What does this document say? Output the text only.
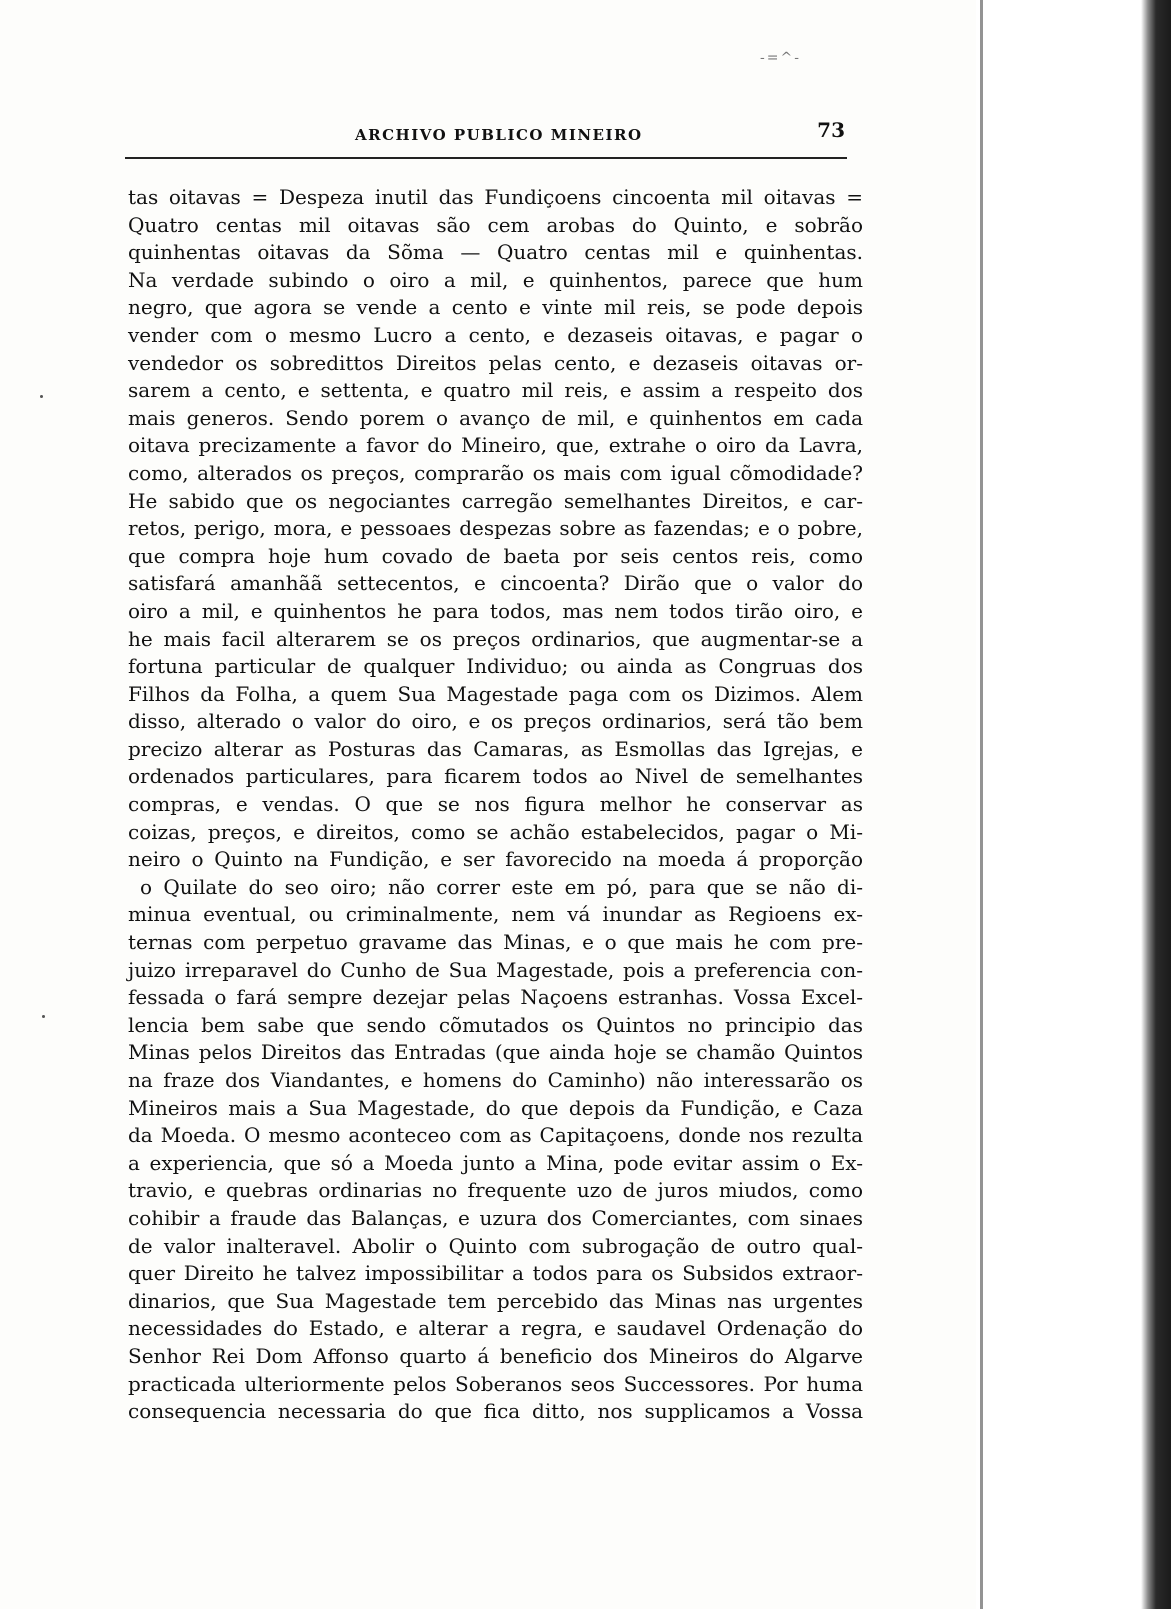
-=^-
ARCHIVO PUBLICO MINEIRO	73
tas oitavas = Despeza inutil das Fundiçoens cincoenta mil oitavas =
Quatro centas mil oitavas são cem arobas do Quinto, e sobrão
quinhentas oitavas da Sõma — Quatro centas mil e quinhentas.
Na verdade subindo o oiro a mil, e quinhentos, parece que hum
negro, que agora se vende a cento e vinte mil reis, se pode depois
vender com o mesmo Lucro a cento, e dezaseis oitavas, e pagar o
vendedor os sobredittos Direitos pelas cento, e dezaseis oitavas or-
sarem a cento, e settenta, e quatro mil reis, e assim a respeito dos
mais generos. Sendo porem o avanço de mil, e quinhentos em cada
oitava precizamente a favor do Mineiro, que, extrahe o oiro da Lavra,
como, alterados os preços, comprarão os mais com igual cõmodidade?
He sabido que os negociantes carregão semelhantes Direitos, e car-
retos, perigo, mora, e pessoaes despezas sobre as fazendas; e o pobre,
que compra hoje hum covado de baeta por seis centos reis, como
satisfará amanhãã settecentos, e cincoenta? Dirão que o valor do
oiro a mil, e quinhentos he para todos, mas nem todos tirão oiro, e
he mais facil alterarem se os preços ordinarios, que augmentar-se a
fortuna particular de qualquer Individuo; ou ainda as Congruas dos
Filhos da Folha, a quem Sua Magestade paga com os Dizimos. Alem
disso, alterado o valor do oiro, e os preços ordinarios, será tão bem
precizo alterar as Posturas das Camaras, as Esmollas das Igrejas, e
ordenados particulares, para ficarem todos ao Nivel de semelhantes
compras, e vendas. O que se nos figura melhor he conservar as
coizas, preços, e direitos, como se achão estabelecidos, pagar o Mi-
neiro o Quinto na Fundição, e ser favorecido na moeda á proporção
o Quilate do seo oiro; não correr este em pó, para que se não di-
minua eventual, ou criminalmente, nem vá inundar as Regioens ex-
ternas com perpetuo gravame das Minas, e o que mais he com pre-
juizo irreparavel do Cunho de Sua Magestade, pois a preferencia con-
fessada o fará sempre dezejar pelas Naçoens estranhas. Vossa Excel-
lencia bem sabe que sendo cõmutados os Quintos no principio das
Minas pelos Direitos das Entradas (que ainda hoje se chamão Quintos
na fraze dos Viandantes, e homens do Caminho) não interessarão os
Mineiros mais a Sua Magestade, do que depois da Fundição, e Caza
da Moeda. O mesmo aconteceo com as Capitaçoens, donde nos rezulta
a experiencia, que só a Moeda junto a Mina, pode evitar assim o Ex-
travio, e quebras ordinarias no frequente uzo de juros miudos, como
cohibir a fraude das Balanças, e uzura dos Comerciantes, com sinaes
de valor inalteravel. Abolir o Quinto com subrogação de outro qual-
quer Direito he talvez impossibilitar a todos para os Subsidos extraor-
dinarios, que Sua Magestade tem percebido das Minas nas urgentes
necessidades do Estado, e alterar a regra, e saudavel Ordenação do
Senhor Rei Dom Affonso quarto á beneficio dos Mineiros do Algarve
practicada ulteriormente pelos Soberanos seos Successores. Por huma
consequencia necessaria do que fica ditto, nos supplicamos a Vossa
